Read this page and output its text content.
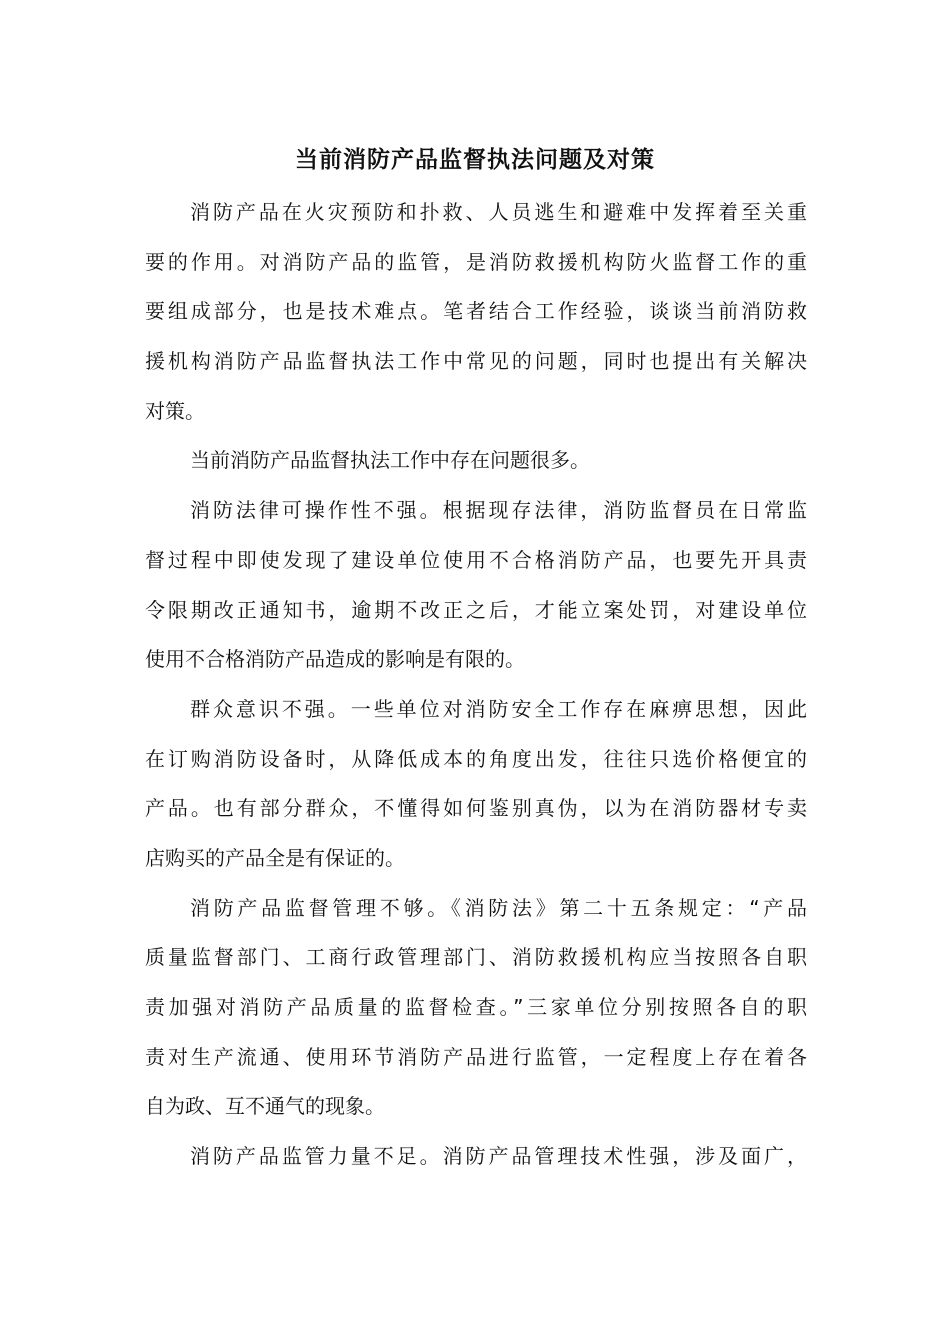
当前消防产品监督执法问题及对策
消防产品在火灾预防和扑救、人员逃生和避难中发挥着至关重
要的作用。对消防产品的监管，是消防救援机构防火监督工作的重
要组成部分，也是技术难点。笔者结合工作经验，谈谈当前消防救
援机构消防产品监督执法工作中常见的问题，同时也提出有关解决
对策。
当前消防产品监督执法工作中存在问题很多。
消防法律可操作性不强。根据现存法律，消防监督员在日常监
督过程中即使发现了建设单位使用不合格消防产品，也要先开具责
令限期改正通知书，逾期不改正之后，才能立案处罚，对建设单位
使用不合格消防产品造成的影响是有限的。
群众意识不强。一些单位对消防安全工作存在麻痹思想，因此
在订购消防设备时，从降低成本的角度出发，往往只选价格便宜的
产品。也有部分群众，不懂得如何鉴别真伪，以为在消防器材专卖
店购买的产品全是有保证的。
消防产品监督管理不够。《消防法》第二十五条规定：“产品
质量监督部门、工商行政管理部门、消防救援机构应当按照各自职
责加强对消防产品质量的监督检查。”三家单位分别按照各自的职
责对生产流通、使用环节消防产品进行监管，一定程度上存在着各
自为政、互不通气的现象。
消防产品监管力量不足。消防产品管理技术性强，涉及面广，
